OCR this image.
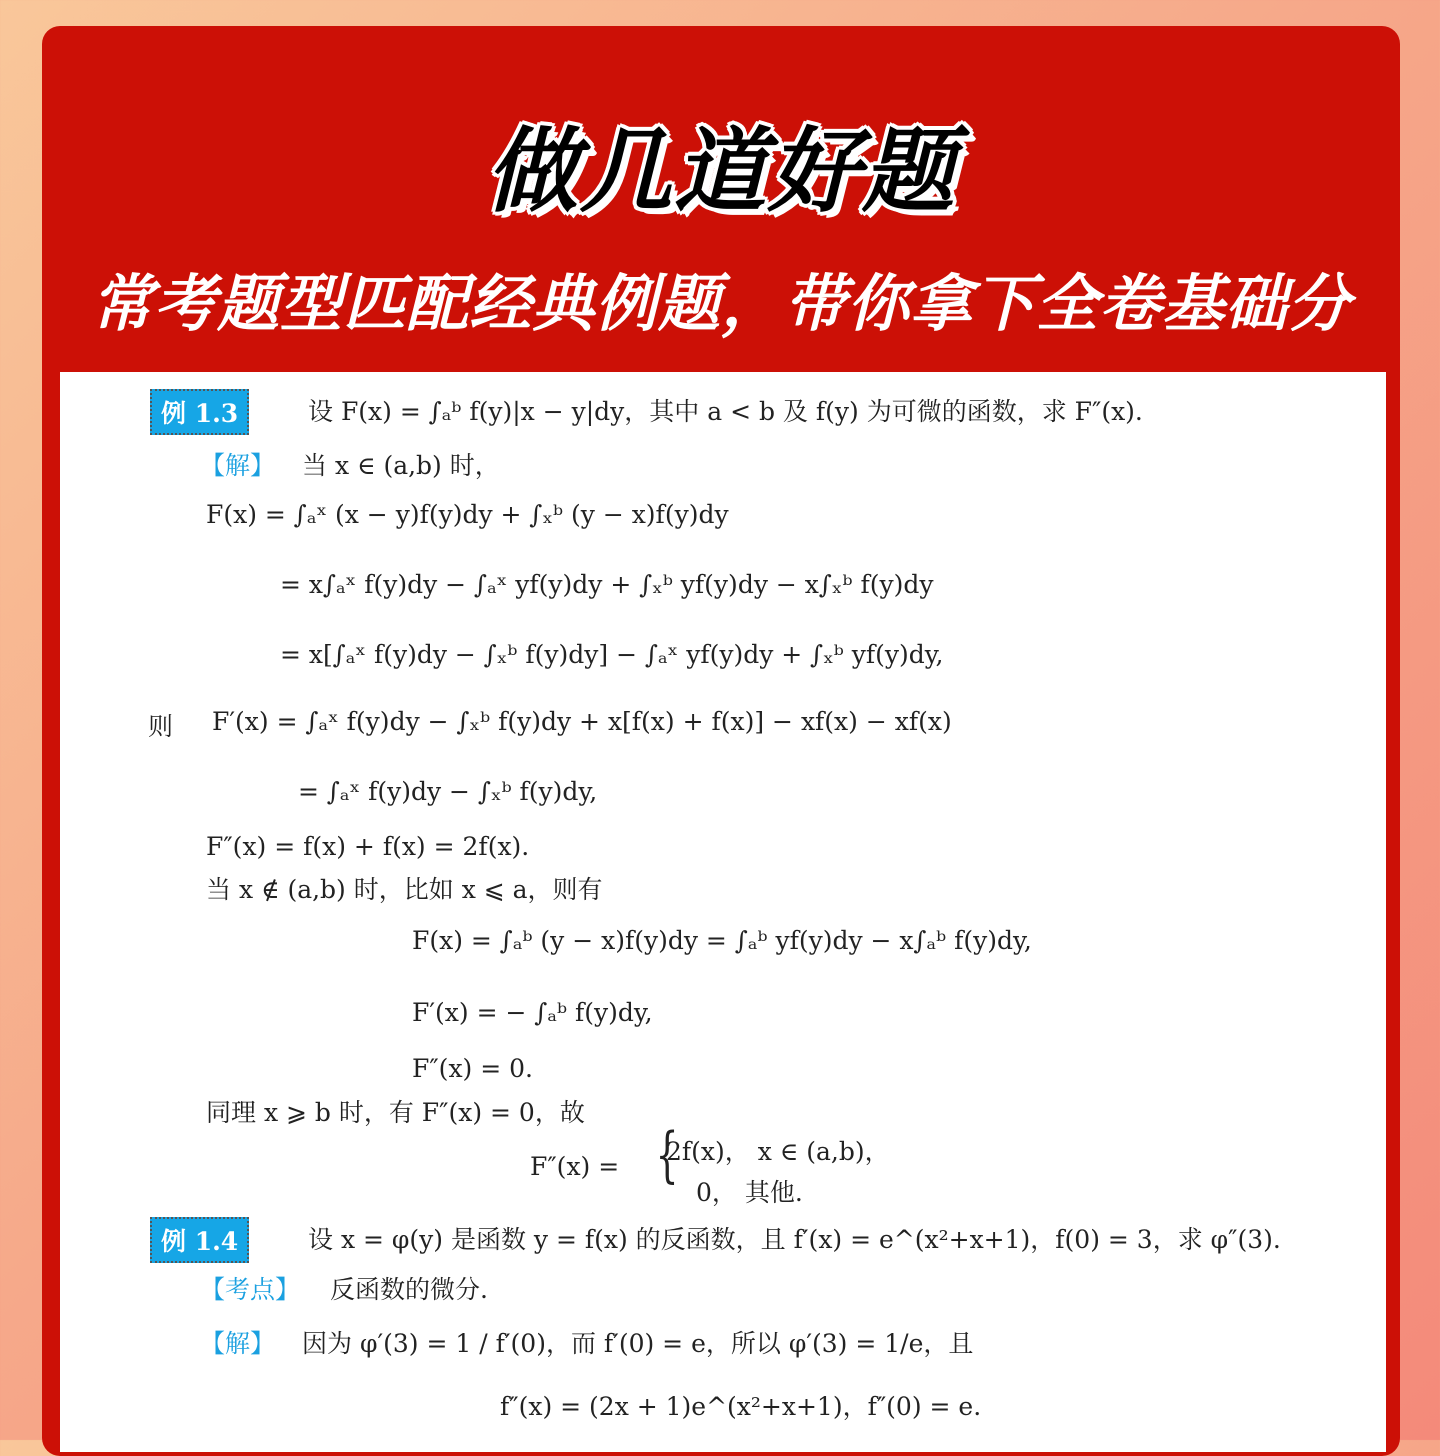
做几道好题
常考题型匹配经典例题，带你拿下全卷基础分
例 1.3	设 F(x) = ∫ₐᵇ f(y)|x − y|dy，其中 a < b 及 f(y) 为可微的函数，求 F″(x).
【解】 当 x ∈ (a,b) 时，
F(x) = ∫ₐˣ (x − y)f(y)dy + ∫ₓᵇ (y − x)f(y)dy
= x∫ₐˣ f(y)dy − ∫ₐˣ yf(y)dy + ∫ₓᵇ yf(y)dy − x∫ₓᵇ f(y)dy
= x[∫ₐˣ f(y)dy − ∫ₓᵇ f(y)dy] − ∫ₐˣ yf(y)dy + ∫ₓᵇ yf(y)dy,
则 F′(x) = ∫ₐˣ f(y)dy − ∫ₓᵇ f(y)dy + x[f(x) + f(x)] − xf(x) − xf(x)
= ∫ₐˣ f(y)dy − ∫ₓᵇ f(y)dy,
F″(x) = f(x) + f(x) = 2f(x).
当 x ∉ (a,b) 时，比如 x ⩽ a，则有
F(x) = ∫ₐᵇ (y − x)f(y)dy = ∫ₐᵇ yf(y)dy − x∫ₐᵇ f(y)dy,
F′(x) = − ∫ₐᵇ f(y)dy,
F″(x) = 0.
同理 x ⩾ b 时，有 F″(x) = 0，故
F″(x) = {
2f(x)， x ∈ (a,b)，
0， 其他.
例 1.4	设 x = φ(y) 是函数 y = f(x) 的反函数，且 f′(x) = e^(x²+x+1)，f(0) = 3，求 φ″(3).
【考点】 反函数的微分.
【解】 因为 φ′(3) = 1 / f′(0)，而 f′(0) = e，所以 φ′(3) = 1/e，且
f″(x) = (2x + 1)e^(x²+x+1)，f″(0) = e.
